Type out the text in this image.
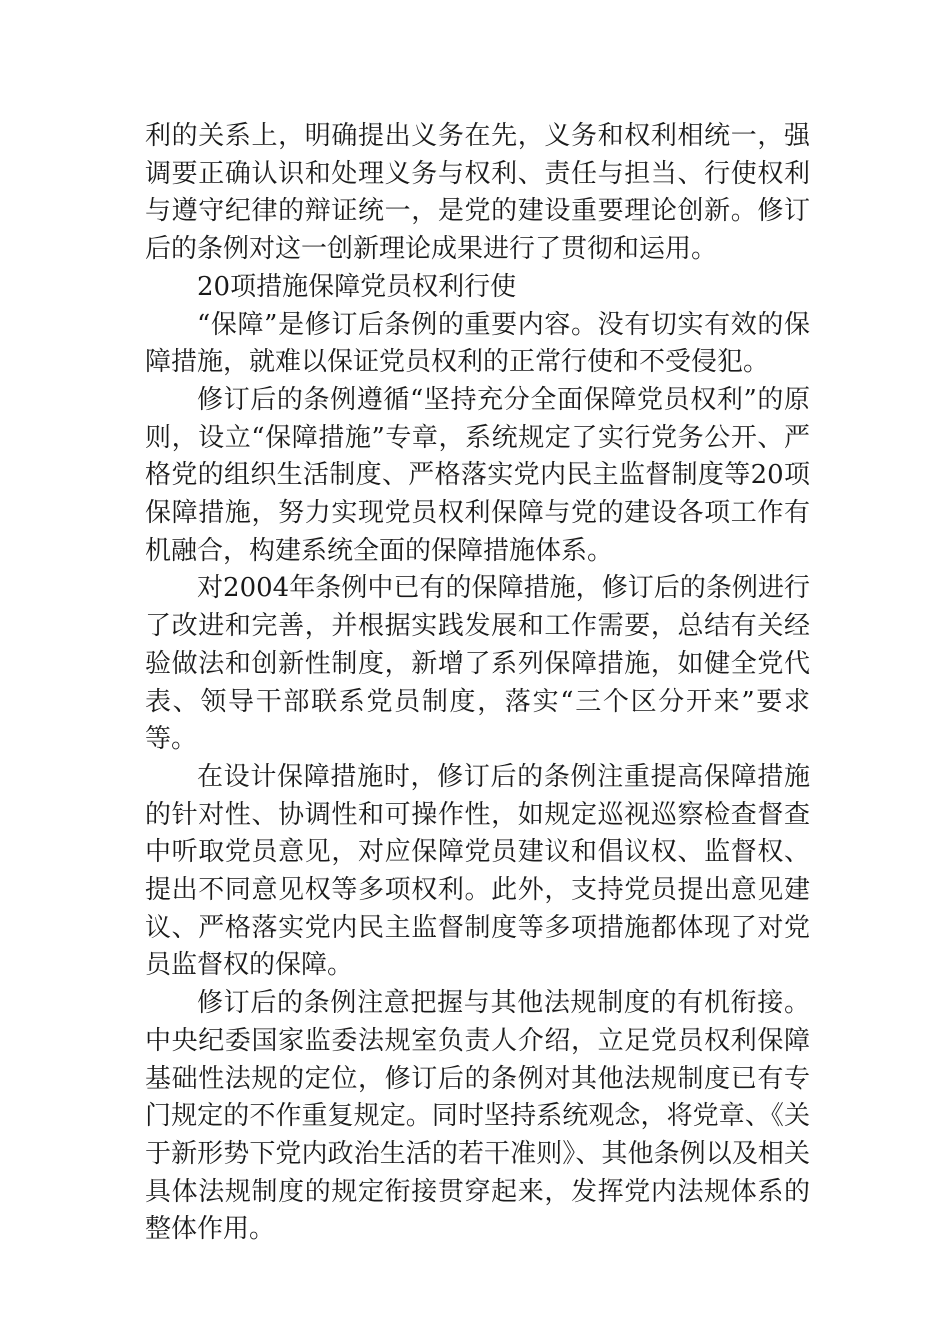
利的关系上，明确提出义务在先，义务和权利相统一，强调要正确认识和处理义务与权利、责任与担当、行使权利与遵守纪律的辩证统一，是党的建设重要理论创新。修订后的条例对这一创新理论成果进行了贯彻和运用。

20项措施保障党员权利行使

“保障”是修订后条例的重要内容。没有切实有效的保障措施，就难以保证党员权利的正常行使和不受侵犯。

修订后的条例遵循“坚持充分全面保障党员权利”的原则，设立“保障措施”专章，系统规定了实行党务公开、严格党的组织生活制度、严格落实党内民主监督制度等20项保障措施，努力实现党员权利保障与党的建设各项工作有机融合，构建系统全面的保障措施体系。

对2004年条例中已有的保障措施，修订后的条例进行了改进和完善，并根据实践发展和工作需要，总结有关经验做法和创新性制度，新增了系列保障措施，如健全党代表、领导干部联系党员制度，落实“三个区分开来”要求等。

在设计保障措施时，修订后的条例注重提高保障措施的针对性、协调性和可操作性，如规定巡视巡察检查督查中听取党员意见，对应保障党员建议和倡议权、监督权、提出不同意见权等多项权利。此外，支持党员提出意见建议、严格落实党内民主监督制度等多项措施都体现了对党员监督权的保障。

修订后的条例注意把握与其他法规制度的有机衔接。中央纪委国家监委法规室负责人介绍，立足党员权利保障基础性法规的定位，修订后的条例对其他法规制度已有专门规定的不作重复规定。同时坚持系统观念，将党章、《关于新形势下党内政治生活的若干准则》、其他条例以及相关具体法规制度的规定衔接贯穿起来，发挥党内法规体系的整体作用。
